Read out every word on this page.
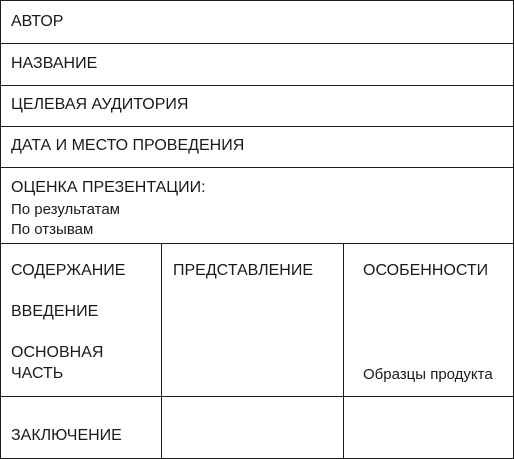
АВТОР
НАЗВАНИЕ
ЦЕЛЕВАЯ АУДИТОРИЯ
ДАТА И МЕСТО ПРОВЕДЕНИЯ
ОЦЕНКА ПРЕЗЕНТАЦИИ:
По результатам
По отзывам
СОДЕРЖАНИЕ
ВВЕДЕНИЕ
ОСНОВНАЯ
ЧАСТЬ
ПРЕДСТАВЛЕНИЕ	ОСОБЕННОСТИ
Образцы продукта
ЗАКЛЮЧЕНИЕ
